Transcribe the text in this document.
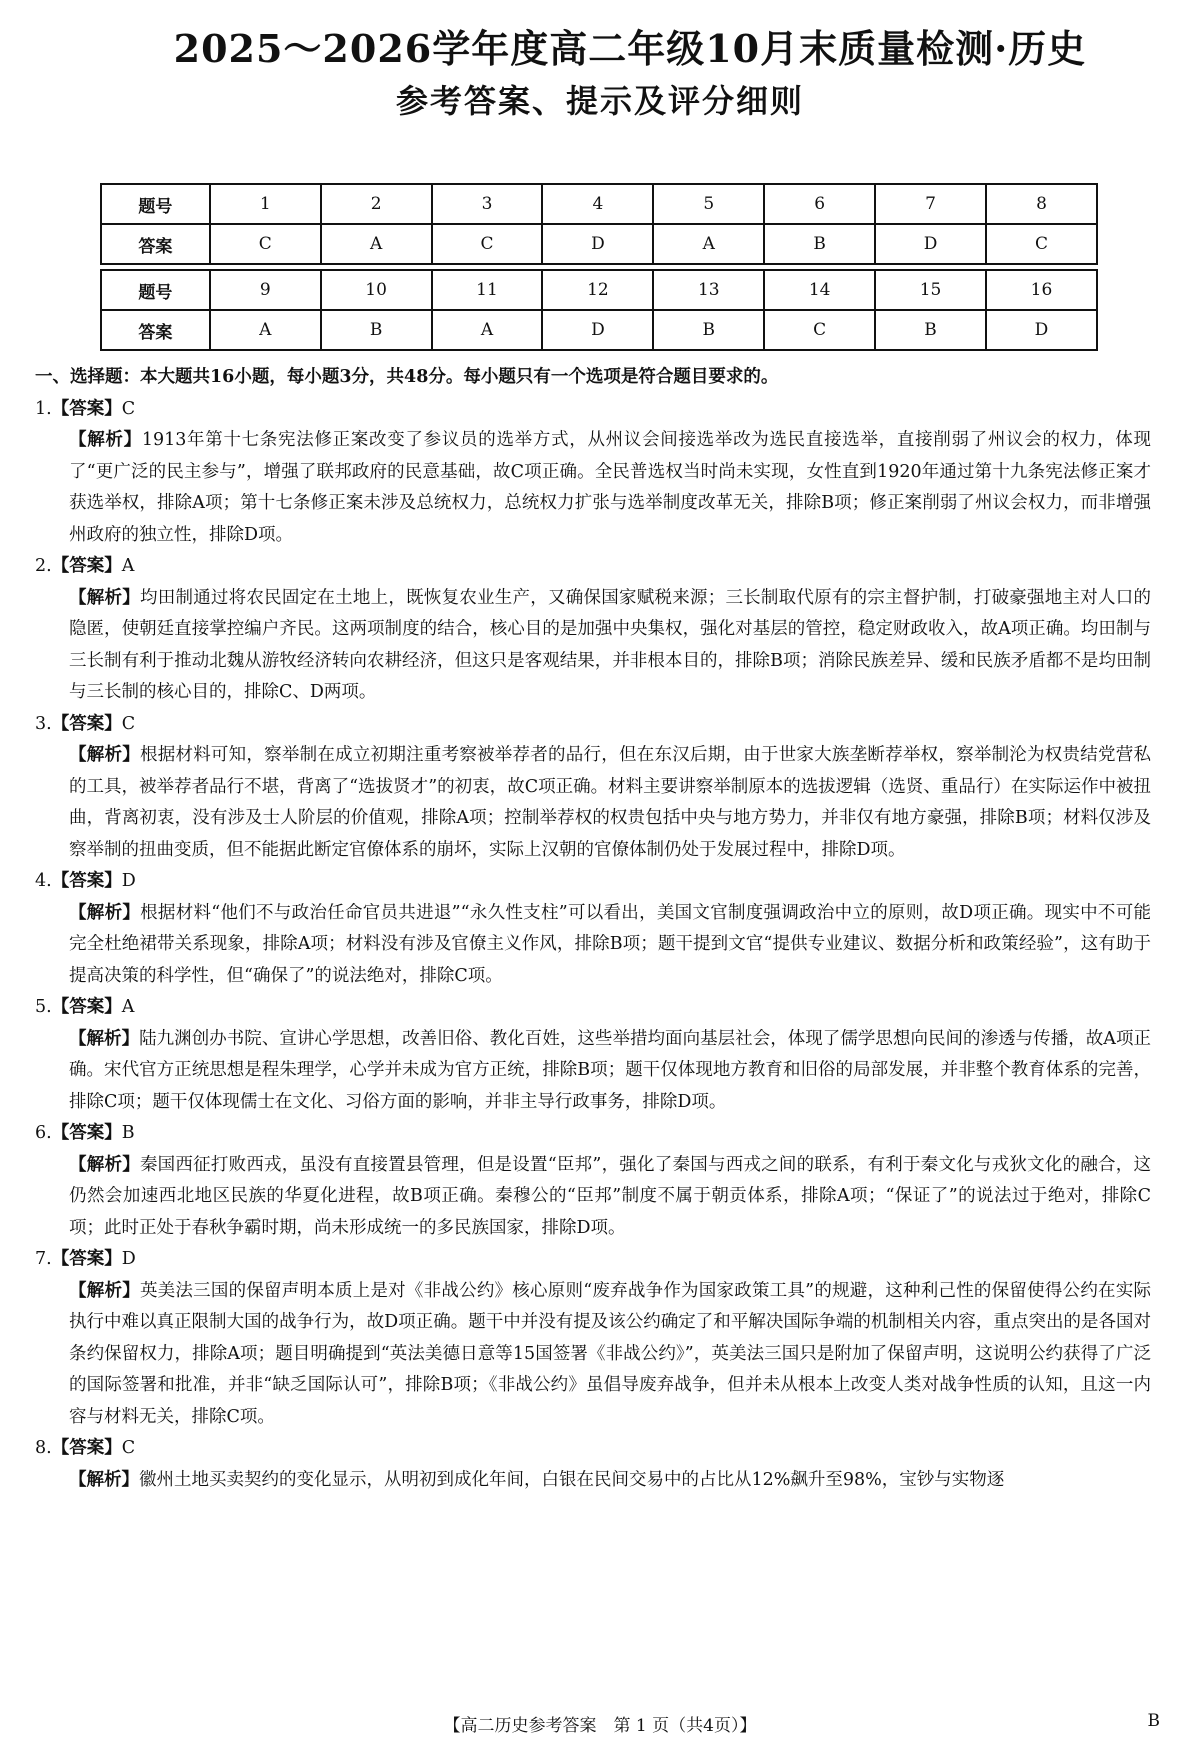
2025～2026学年度高二年级10月末质量检测·历史
参考答案、提示及评分细则
题号	1	2	3	4	5	6	7	8
答案	C	A	C	D	A	B	D	C

题号	9	10	11	12	13	14	15	16
答案	A	B	A	D	B	C	B	D

一、选择题：本大题共16小题，每小题3分，共48分。每小题只有一个选项是符合题目要求的。

1.【答案】C

【解析】1913年第十七条宪法修正案改变了参议员的选举方式，从州议会间接选举改为选民直接选举，直接削弱了州议会的权力，体现了“更广泛的民主参与”，增强了联邦政府的民意基础，故C项正确。全民普选权当时尚未实现，女性直到1920年通过第十九条宪法修正案才获选举权，排除A项；第十七条修正案未涉及总统权力，总统权力扩张与选举制度改革无关，排除B项；修正案削弱了州议会权力，而非增强州政府的独立性，排除D项。

2.【答案】A

【解析】均田制通过将农民固定在土地上，既恢复农业生产，又确保国家赋税来源；三长制取代原有的宗主督护制，打破豪强地主对人口的隐匿，使朝廷直接掌控编户齐民。这两项制度的结合，核心目的是加强中央集权，强化对基层的管控，稳定财政收入，故A项正确。均田制与三长制有利于推动北魏从游牧经济转向农耕经济，但这只是客观结果，并非根本目的，排除B项；消除民族差异、缓和民族矛盾都不是均田制与三长制的核心目的，排除C、D两项。

3.【答案】C

【解析】根据材料可知，察举制在成立初期注重考察被举荐者的品行，但在东汉后期，由于世家大族垄断荐举权，察举制沦为权贵结党营私的工具，被举荐者品行不堪，背离了“选拔贤才”的初衷，故C项正确。材料主要讲察举制原本的选拔逻辑（选贤、重品行）在实际运作中被扭曲，背离初衷，没有涉及士人阶层的价值观，排除A项；控制举荐权的权贵包括中央与地方势力，并非仅有地方豪强，排除B项；材料仅涉及察举制的扭曲变质，但不能据此断定官僚体系的崩坏，实际上汉朝的官僚体制仍处于发展过程中，排除D项。

4.【答案】D

【解析】根据材料“他们不与政治任命官员共进退”“永久性支柱”可以看出，美国文官制度强调政治中立的原则，故D项正确。现实中不可能完全杜绝裙带关系现象，排除A项；材料没有涉及官僚主义作风，排除B项；题干提到文官“提供专业建议、数据分析和政策经验”，这有助于提高决策的科学性，但“确保了”的说法绝对，排除C项。

5.【答案】A

【解析】陆九渊创办书院、宣讲心学思想，改善旧俗、教化百姓，这些举措均面向基层社会，体现了儒学思想向民间的渗透与传播，故A项正确。宋代官方正统思想是程朱理学，心学并未成为官方正统，排除B项；题干仅体现地方教育和旧俗的局部发展，并非整个教育体系的完善，排除C项；题干仅体现儒士在文化、习俗方面的影响，并非主导行政事务，排除D项。

6.【答案】B

【解析】秦国西征打败西戎，虽没有直接置县管理，但是设置“臣邦”，强化了秦国与西戎之间的联系，有利于秦文化与戎狄文化的融合，这仍然会加速西北地区民族的华夏化进程，故B项正确。秦穆公的“臣邦”制度不属于朝贡体系，排除A项；“保证了”的说法过于绝对，排除C项；此时正处于春秋争霸时期，尚未形成统一的多民族国家，排除D项。

7.【答案】D

【解析】英美法三国的保留声明本质上是对《非战公约》核心原则“废弃战争作为国家政策工具”的规避，这种利己性的保留使得公约在实际执行中难以真正限制大国的战争行为，故D项正确。题干中并没有提及该公约确定了和平解决国际争端的机制相关内容，重点突出的是各国对条约保留权力，排除A项；题目明确提到“英法美德日意等15国签署《非战公约》”，英美法三国只是附加了保留声明，这说明公约获得了广泛的国际签署和批准，并非“缺乏国际认可”，排除B项；《非战公约》虽倡导废弃战争，但并未从根本上改变人类对战争性质的认知，且这一内容与材料无关，排除C项。

8.【答案】C

【解析】徽州土地买卖契约的变化显示，从明初到成化年间，白银在民间交易中的占比从12%飙升至98%，宝钞与实物逐

【高二历史参考答案　第 1 页（共4页）】	B
